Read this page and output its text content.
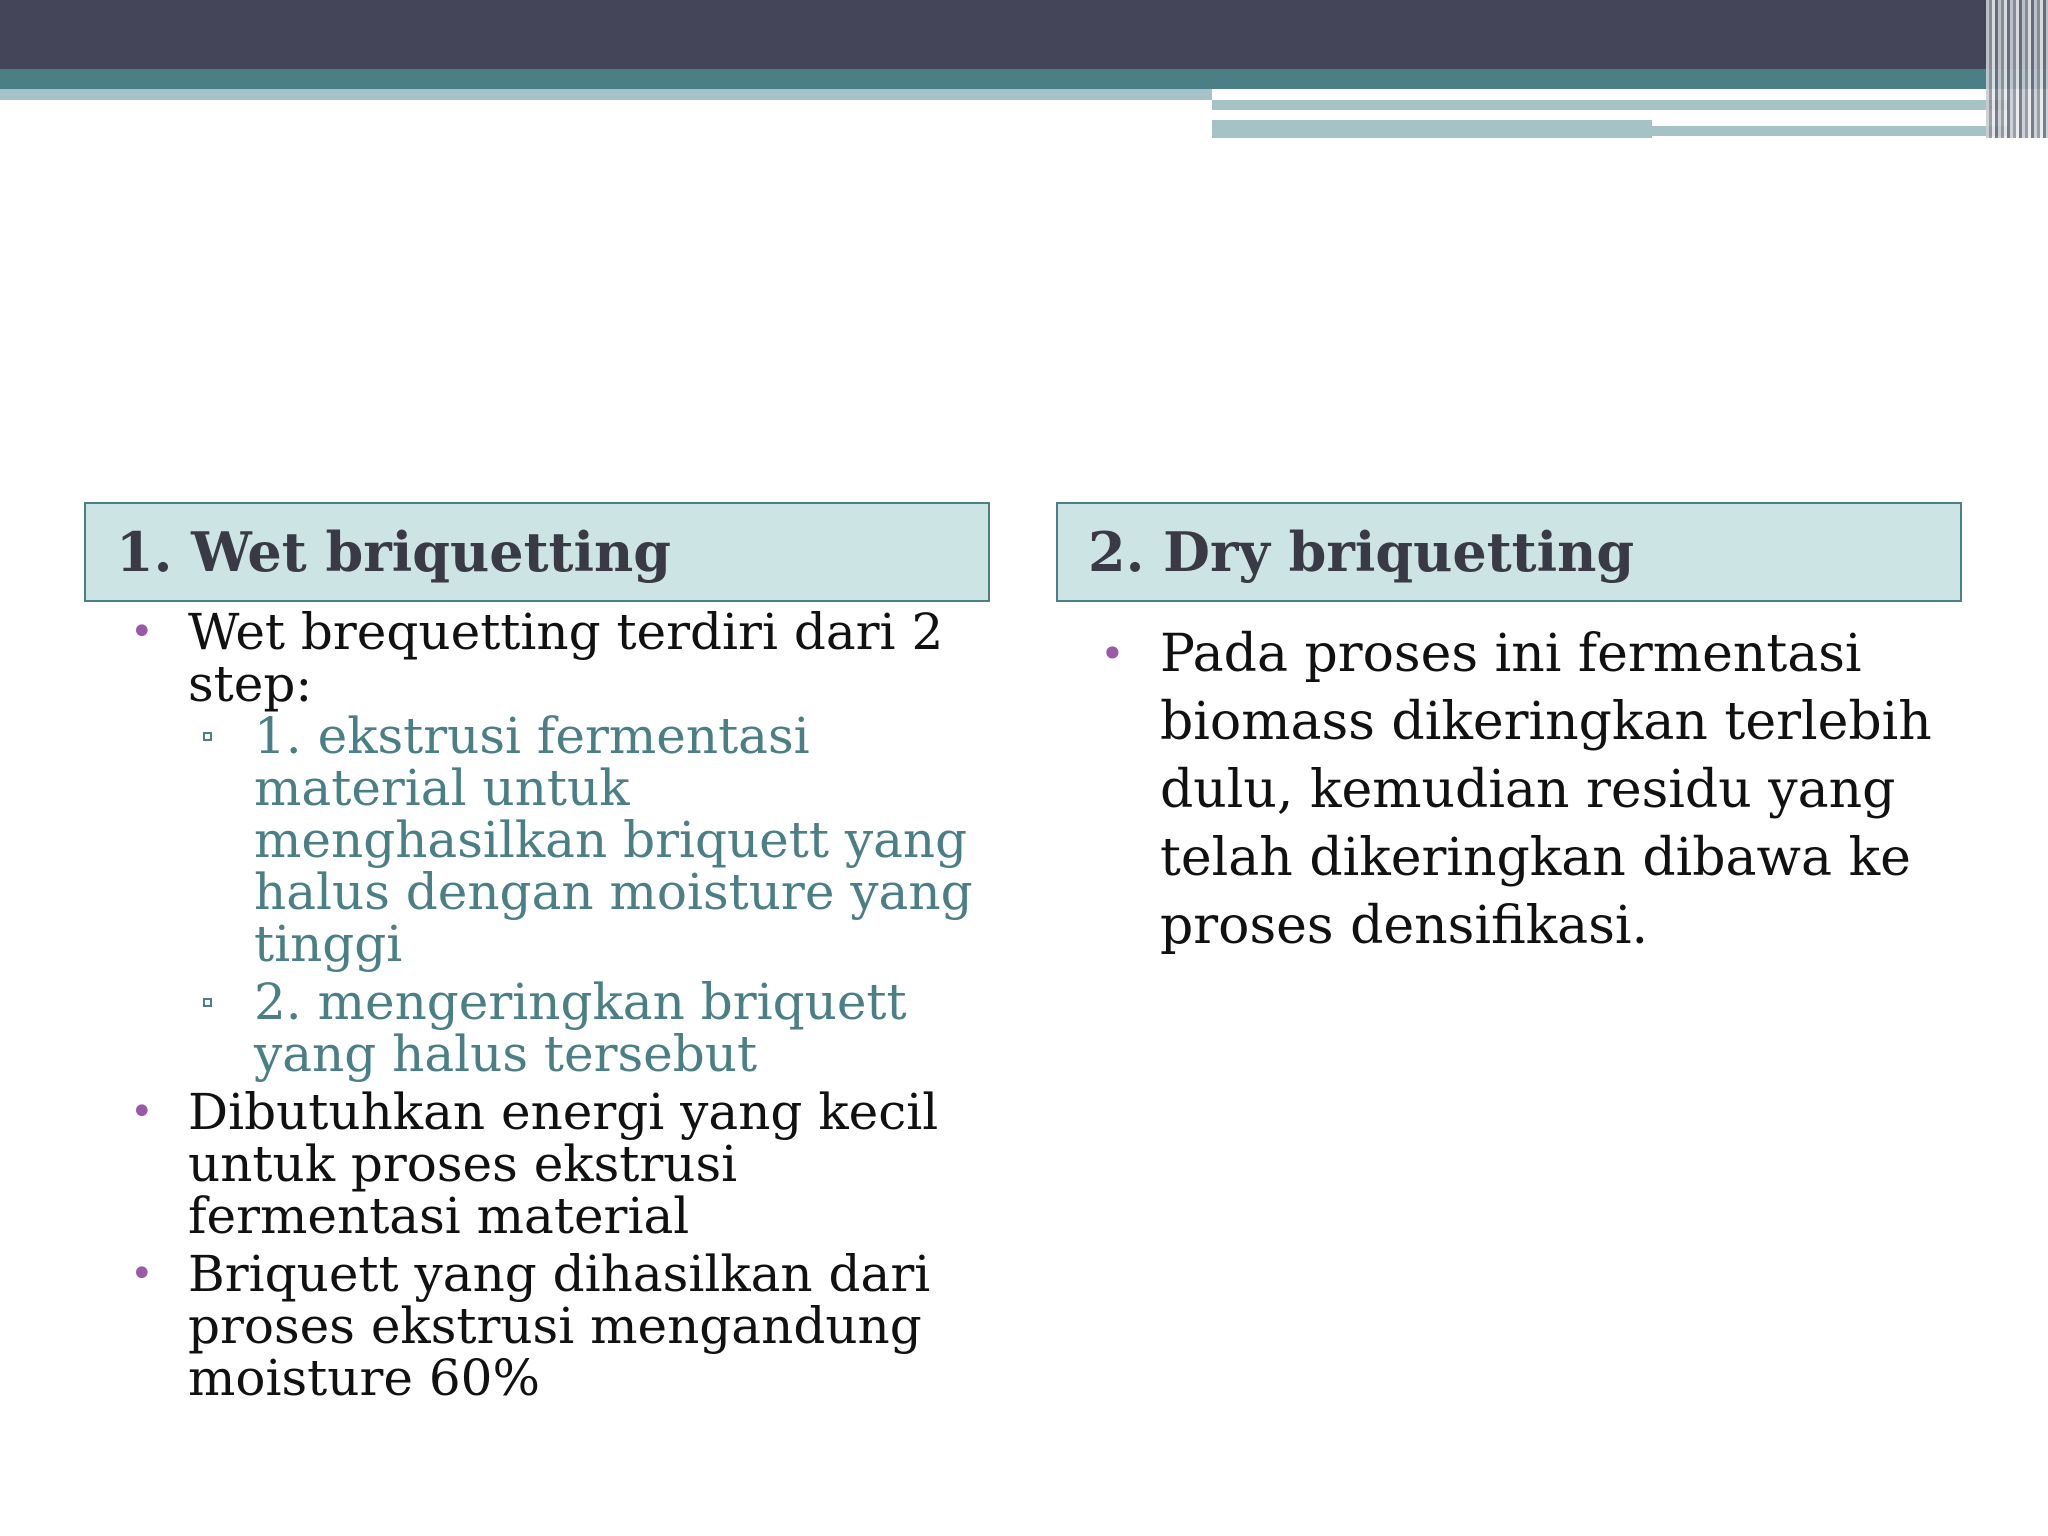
1. Wet briquetting
• Wet brequetting terdiri dari 2 step:
1. ekstrusi fermentasi material untuk menghasilkan briquett yang halus dengan moisture yang tinggi
2. mengeringkan briquett yang halus tersebut
• Dibutuhkan energi yang kecil untuk proses ekstrusi fermentasi material
• Briquett yang dihasilkan dari proses ekstrusi mengandung moisture 60%
2. Dry briquetting
• Pada proses ini fermentasi biomass dikeringkan terlebih dulu, kemudian residu yang telah dikeringkan dibawa ke proses densifikasi.
